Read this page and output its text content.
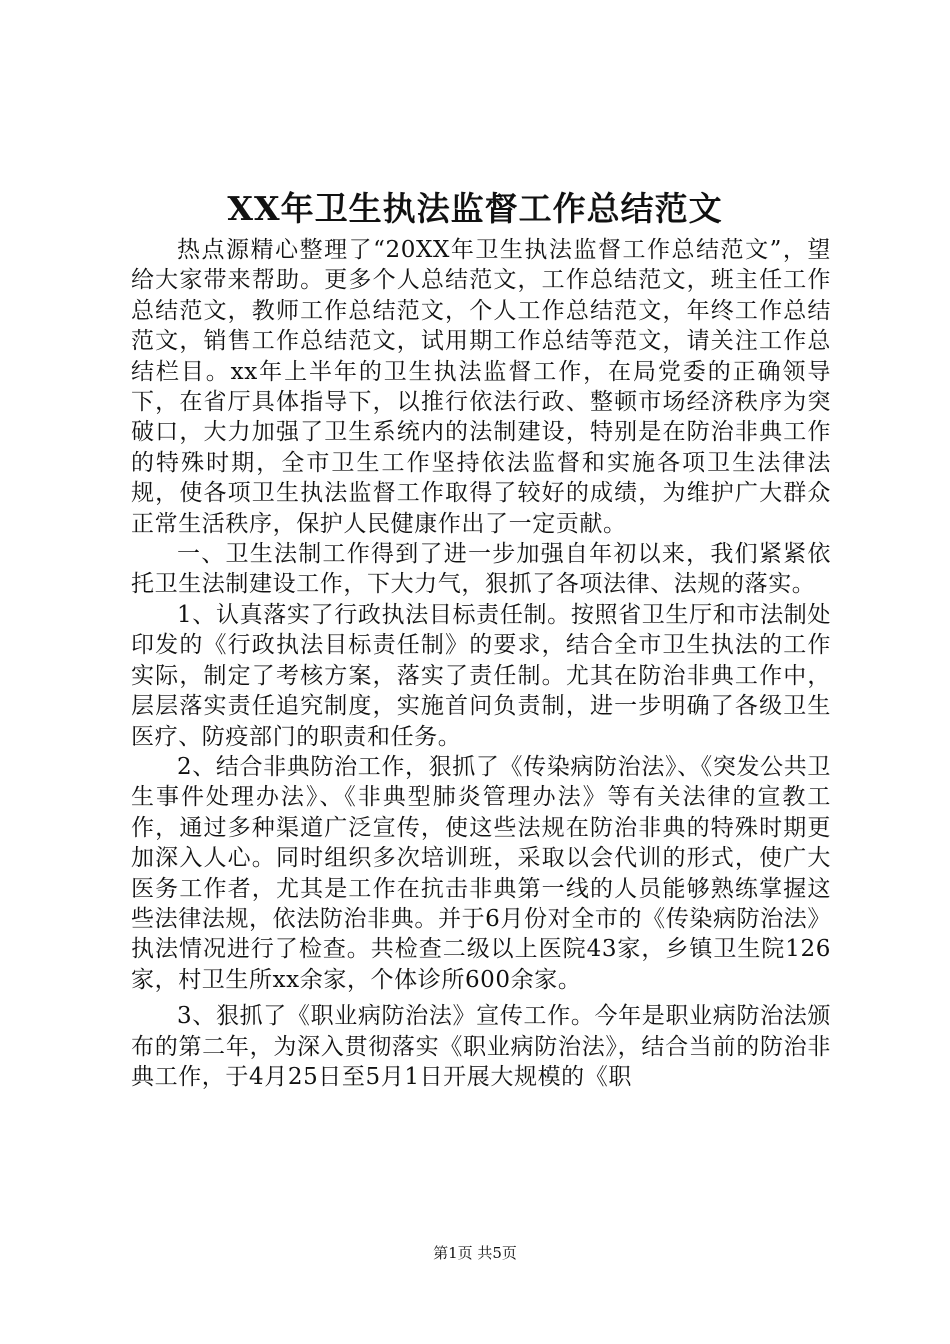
XX年卫生执法监督工作总结范文

热点源精心整理了“20XX年卫生执法监督工作总结范文”，望给大家带来帮助。更多个人总结范文，工作总结范文，班主任工作总结范文，教师工作总结范文，个人工作总结范文，年终工作总结范文，销售工作总结范文，试用期工作总结等范文，请关注工作总结栏目。xx年上半年的卫生执法监督工作，在局党委的正确领导下，在省厅具体指导下，以推行依法行政、整顿市场经济秩序为突破口，大力加强了卫生系统内的法制建设，特别是在防治非典工作的特殊时期，全市卫生工作坚持依法监督和实施各项卫生法律法规，使各项卫生执法监督工作取得了较好的成绩，为维护广大群众正常生活秩序，保护人民健康作出了一定贡献。

一、卫生法制工作得到了进一步加强自年初以来，我们紧紧依托卫生法制建设工作，下大力气，狠抓了各项法律、法规的落实。

1、认真落实了行政执法目标责任制。按照省卫生厅和市法制处印发的《行政执法目标责任制》的要求，结合全市卫生执法的工作实际，制定了考核方案，落实了责任制。尤其在防治非典工作中，层层落实责任追究制度，实施首问负责制，进一步明确了各级卫生医疗、防疫部门的职责和任务。

2、结合非典防治工作，狠抓了《传染病防治法》、《突发公共卫生事件处理办法》、《非典型肺炎管理办法》等有关法律的宣教工作，通过多种渠道广泛宣传，使这些法规在防治非典的特殊时期更加深入人心。同时组织多次培训班，采取以会代训的形式，使广大医务工作者，尤其是工作在抗击非典第一线的人员能够熟练掌握这些法律法规，依法防治非典。并于6月份对全市的《传染病防治法》执法情况进行了检查。共检查二级以上医院43家，乡镇卫生院126家，村卫生所xx余家，个体诊所600余家。

3、狠抓了《职业病防治法》宣传工作。今年是职业病防治法颁布的第二年，为深入贯彻落实《职业病防治法》，结合当前的防治非典工作，于4月25日至5月1日开展大规模的《职

第1页 共5页
